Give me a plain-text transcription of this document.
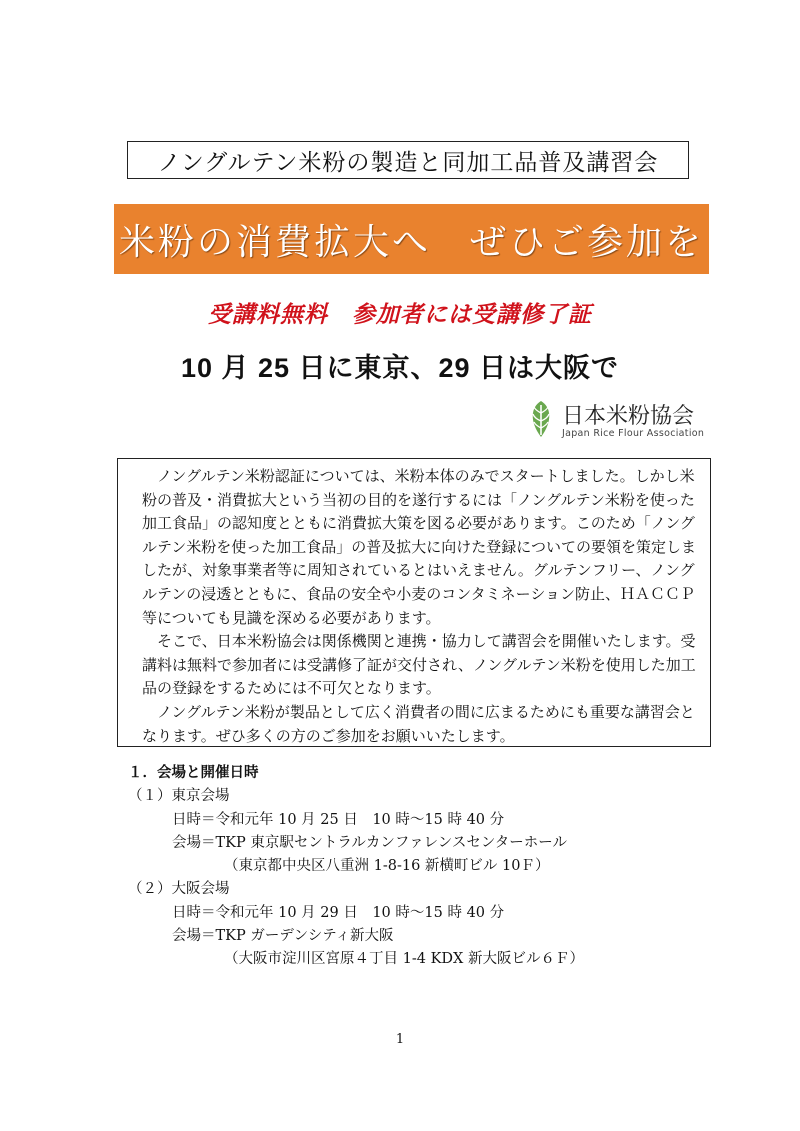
ノングルテン米粉の製造と同加工品普及講習会
米粉の消費拡大へ　ぜひご参加を
受講料無料　参加者には受講修了証
10 月 25 日に東京、29 日は大阪で
日本米粉協会
Japan Rice Flour Association

ノングルテン米粉認証については、米粉本体のみでスタートしました。しかし米粉の普及・消費拡大という当初の目的を遂行するには「ノングルテン米粉を使った加工食品」の認知度とともに消費拡大策を図る必要があります。このため「ノングルテン米粉を使った加工食品」の普及拡大に向けた登録についての要領を策定しましたが、対象事業者等に周知されているとはいえません。グルテンフリー、ノングルテンの浸透とともに、食品の安全や小麦のコンタミネーション防止、ＨＡＣＣＰ等についても見識を深める必要があります。

そこで、日本米粉協会は関係機関と連携・協力して講習会を開催いたします。受講料は無料で参加者には受講修了証が交付され、ノングルテン米粉を使用した加工品の登録をするためには不可欠となります。

ノングルテン米粉が製品として広く消費者の間に広まるためにも重要な講習会となります。ぜひ多くの方のご参加をお願いいたします。

１．会場と開催日時
（１）東京会場
日時＝令和元年 10 月 25 日　10 時～15 時 40 分
会場＝TKP 東京駅セントラルカンファレンスセンターホール
（東京都中央区八重洲 1-8-16 新横町ビル 10Ｆ）
（２）大阪会場
日時＝令和元年 10 月 29 日　10 時～15 時 40 分
会場＝TKP ガーデンシティ新大阪
（大阪市淀川区宮原４丁目 1-4 KDX 新大阪ビル６Ｆ）
1
